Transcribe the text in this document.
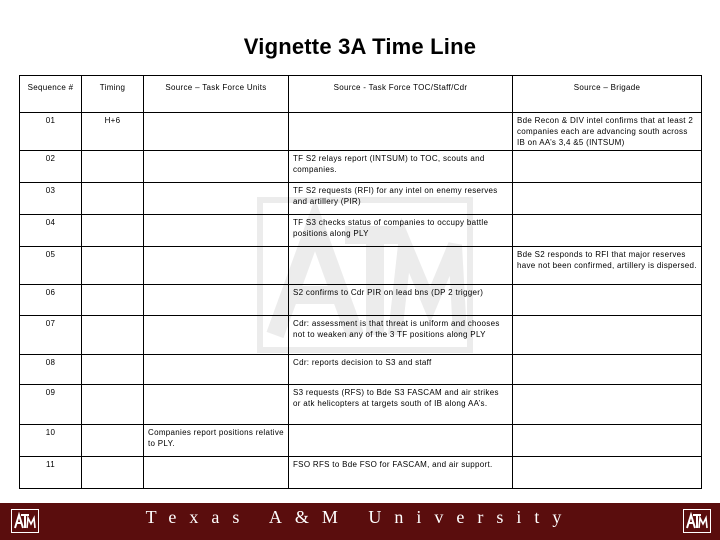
Vignette 3A Time Line
Sequence #	Timing	Source – Task Force Units	Source - Task Force TOC/Staff/Cdr	Source – Brigade
01	H+6			Bde Recon & DIV intel confirms that at least 2 companies each are advancing south across IB on AA’s 3,4 &5 (INTSUM)
02			TF S2 relays report (INTSUM) to TOC, scouts and companies.	
03			TF S2 requests (RFI) for any intel on enemy reserves and artillery (PIR)	
04			TF S3 checks status of companies to occupy battle positions along PLY	
05				Bde S2 responds to RFI that major reserves have not been confirmed, artillery is dispersed.
06			S2 confirms to Cdr PIR on lead bns (DP 2 trigger)	
07			Cdr: assessment is that threat is uniform and chooses not to weaken any of the 3 TF positions along PLY	
08			Cdr: reports decision to S3 and staff	
09			S3 requests (RFS) to Bde S3 FASCAM and air strikes or atk helicopters at targets south of IB along AA’s.	
10		Companies report positions relative to PLY.		
11			FSO RFS to Bde FSO for FASCAM, and air support.	
Texas A&M University
